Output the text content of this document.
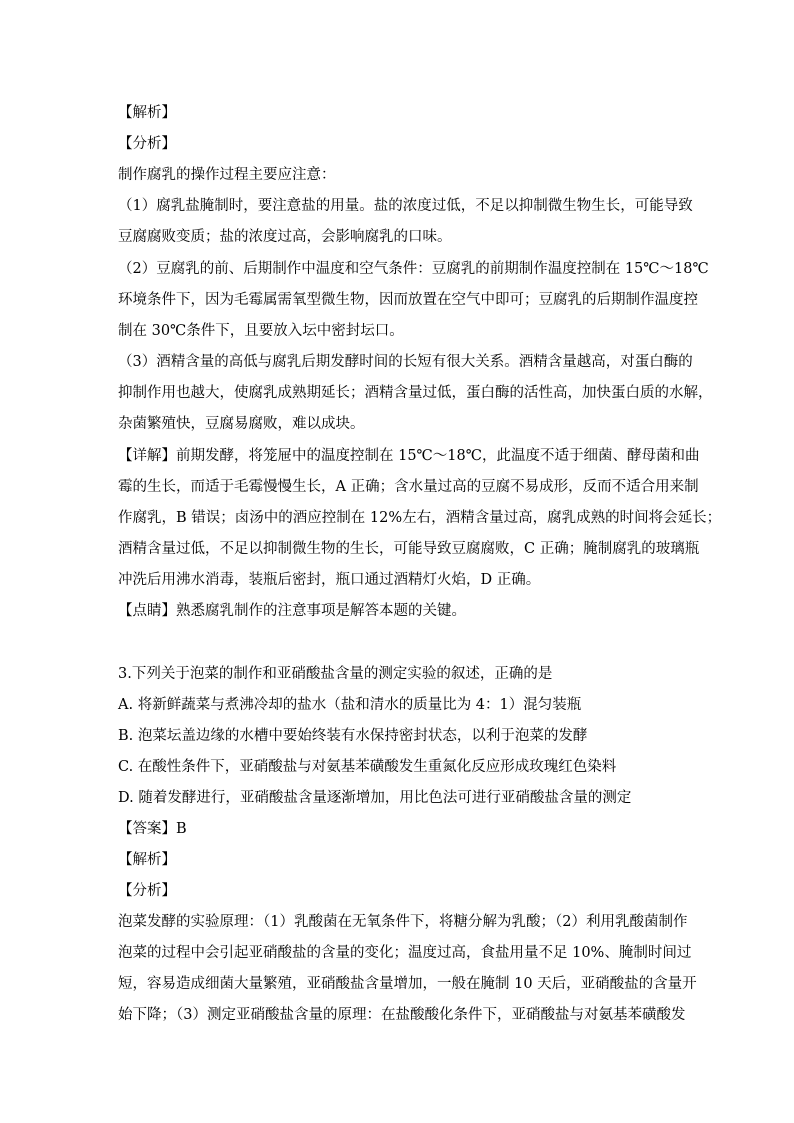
【解析】
【分析】
制作腐乳的操作过程主要应注意：
（1）腐乳盐腌制时，要注意盐的用量。盐的浓度过低，不足以抑制微生物生长，可能导致
豆腐腐败变质；盐的浓度过高，会影响腐乳的口味。
（2）豆腐乳的前、后期制作中温度和空气条件：豆腐乳的前期制作温度控制在 15℃～18℃
环境条件下，因为毛霉属需氧型微生物，因而放置在空气中即可；豆腐乳的后期制作温度控
制在 30℃条件下，且要放入坛中密封坛口。
（3）酒精含量的高低与腐乳后期发酵时间的长短有很大关系。酒精含量越高，对蛋白酶的
抑制作用也越大，使腐乳成熟期延长；酒精含量过低，蛋白酶的活性高，加快蛋白质的水解，
杂菌繁殖快，豆腐易腐败，难以成块。
【详解】前期发酵，将笼屉中的温度控制在 15℃～18℃，此温度不适于细菌、酵母菌和曲
霉的生长，而适于毛霉慢慢生长，A 正确；含水量过高的豆腐不易成形，反而不适合用来制
作腐乳，B 错误；卤汤中的酒应控制在 12%左右，酒精含量过高，腐乳成熟的时间将会延长；
酒精含量过低，不足以抑制微生物的生长，可能导致豆腐腐败，C 正确；腌制腐乳的玻璃瓶
冲洗后用沸水消毒，装瓶后密封，瓶口通过酒精灯火焰，D 正确。
【点睛】熟悉腐乳制作的注意事项是解答本题的关键。
3.下列关于泡菜的制作和亚硝酸盐含量的测定实验的叙述，正确的是
A. 将新鲜蔬菜与煮沸冷却的盐水（盐和清水的质量比为 4：1）混匀装瓶
B. 泡菜坛盖边缘的水槽中要始终装有水保持密封状态，以利于泡菜的发酵
C. 在酸性条件下，亚硝酸盐与对氨基苯磺酸发生重氮化反应形成玫瑰红色染料
D. 随着发酵进行，亚硝酸盐含量逐渐增加，用比色法可进行亚硝酸盐含量的测定
【答案】B
【解析】
【分析】
泡菜发酵的实验原理：（1）乳酸菌在无氧条件下，将糖分解为乳酸；（2）利用乳酸菌制作
泡菜的过程中会引起亚硝酸盐的含量的变化；温度过高，食盐用量不足 10%、腌制时间过
短，容易造成细菌大量繁殖，亚硝酸盐含量增加，一般在腌制 10 天后，亚硝酸盐的含量开
始下降；（3）测定亚硝酸盐含量的原理：在盐酸酸化条件下，亚硝酸盐与对氨基苯磺酸发
